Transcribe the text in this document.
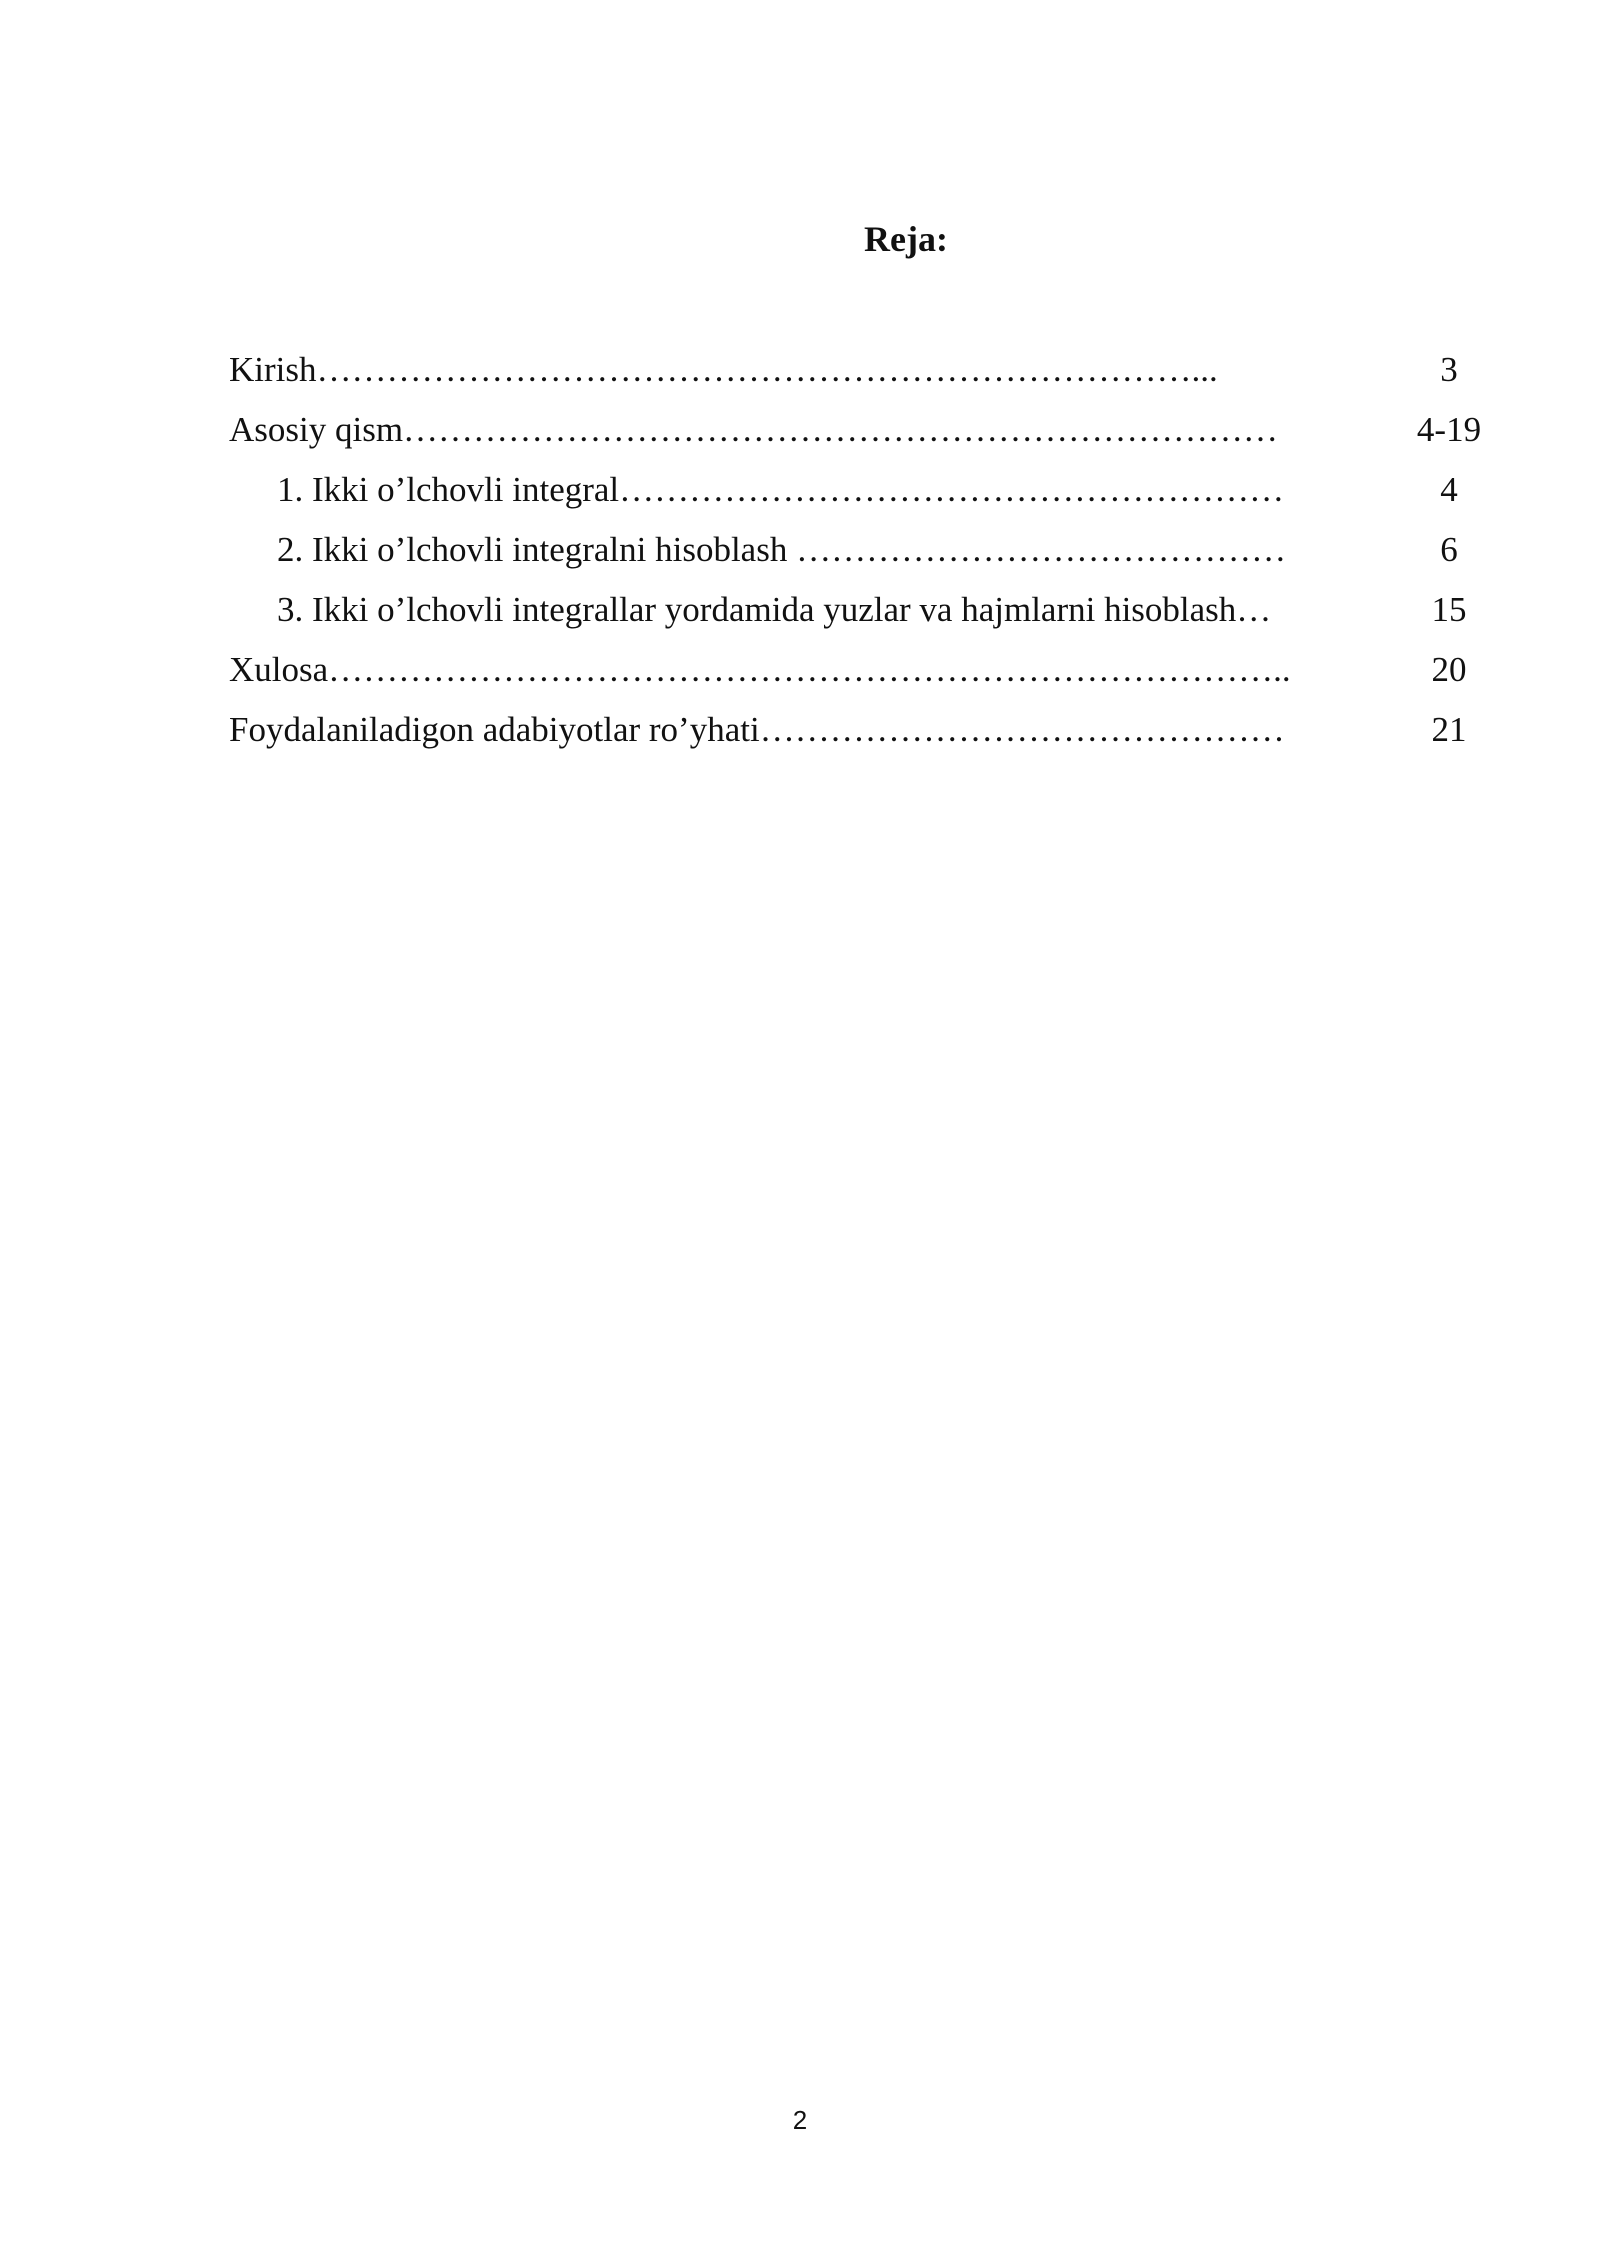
Reja:
Kirish…………………………………………………………………...	3
Asosiy qism…………………………………………………………………	4-19
1. Ikki o’lchovli integral…………………………………………………	4
2. Ikki o’lchovli integralni hisoblash ……………………………………	6
3. Ikki o’lchovli integrallar yordamida yuzlar va hajmlarni hisoblash…	15
Xulosa………………………………………………………………………..	20
Foydalaniladigon adabiyotlar ro’yhati………………………………………	21
2
